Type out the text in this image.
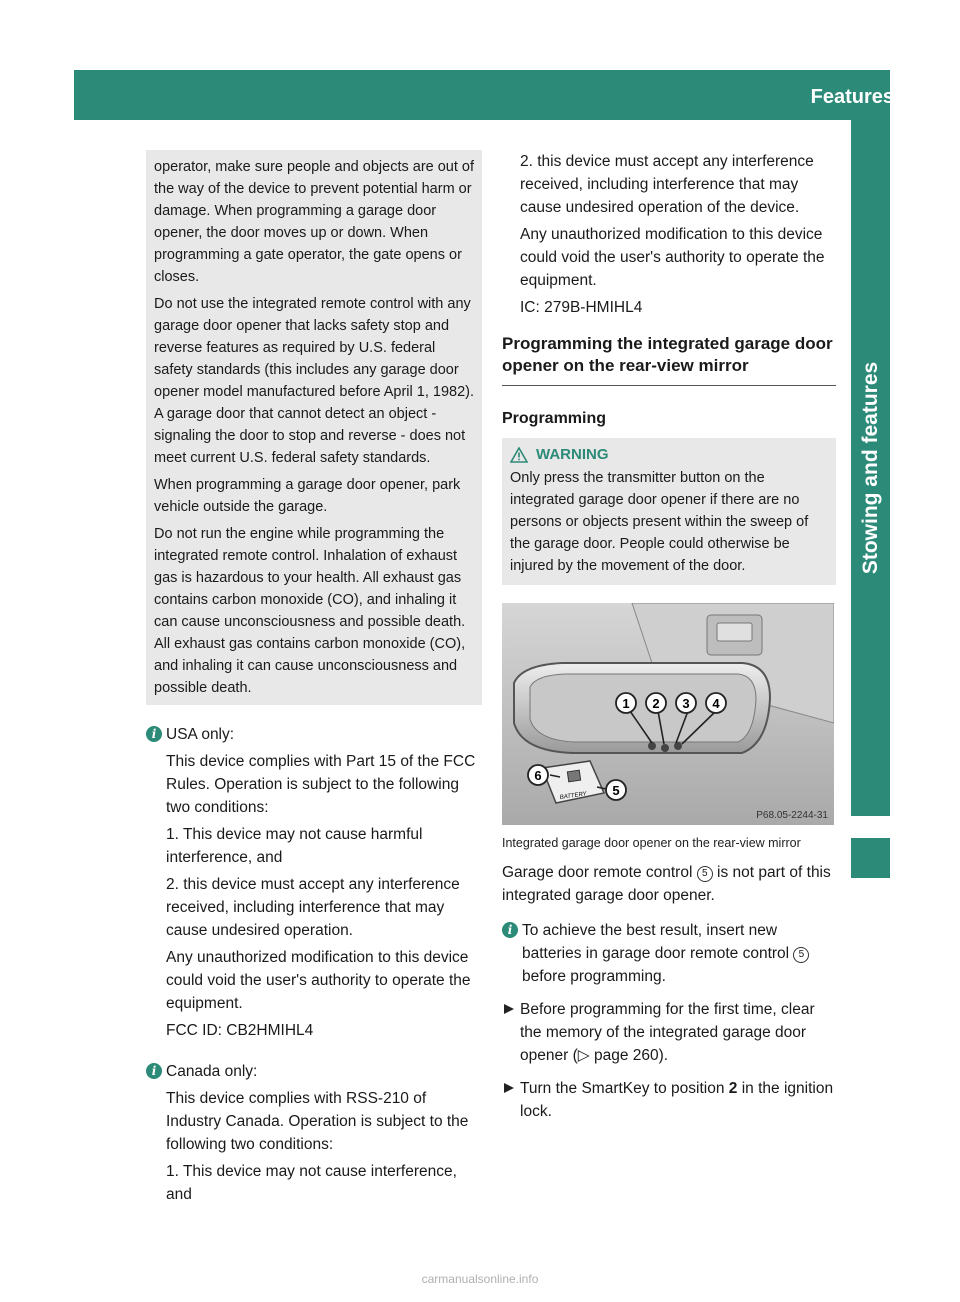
Features 257
Stowing and features

operator, make sure people and objects are out of the way of the device to prevent potential harm or damage. When programming a garage door opener, the door moves up or down. When programming a gate operator, the gate opens or closes.

Do not use the integrated remote control with any garage door opener that lacks safety stop and reverse features as required by U.S. federal safety standards (this includes any garage door opener model manufactured before April 1, 1982). A garage door that cannot detect an object - signaling the door to stop and reverse - does not meet current U.S. federal safety standards.

When programming a garage door opener, park vehicle outside the garage.

Do not run the engine while programming the integrated remote control. Inhalation of exhaust gas is hazardous to your health. All exhaust gas contains carbon monoxide (CO), and inhaling it can cause unconsciousness and possible death. All exhaust gas contains carbon monoxide (CO), and inhaling it can cause unconsciousness and possible death.

i USA only:

This device complies with Part 15 of the FCC Rules. Operation is subject to the following two conditions:

1. This device may not cause harmful interference, and

2. this device must accept any interference received, including interference that may cause undesired operation.

Any unauthorized modification to this device could void the user's authority to operate the equipment.

FCC ID: CB2HMIHL4

i Canada only:

This device complies with RSS-210 of Industry Canada. Operation is subject to the following two conditions:

1. This device may not cause interference, and

2. this device must accept any interference received, including interference that may cause undesired operation of the device.

Any unauthorized modification to this device could void the user's authority to operate the equipment.

IC: 279B-HMIHL4

Programming the integrated garage door opener on the rear-view mirror
Programming
WARNING

Only press the transmitter button on the integrated garage door opener if there are no persons or objects present within the sweep of the garage door. People could otherwise be injured by the movement of the door.

1 2 3 4
BATTERY
6
5
P68.05-2244-31
Integrated garage door opener on the rear-view mirror

Garage door remote control 5 is not part of this integrated garage door opener.

i To achieve the best result, insert new batteries in garage door remote control 5 before programming.

Before programming for the first time, clear the memory of the integrated garage door opener (▷ page 260).

Turn the SmartKey to position 2 in the ignition lock.

carmanualsonline.info
